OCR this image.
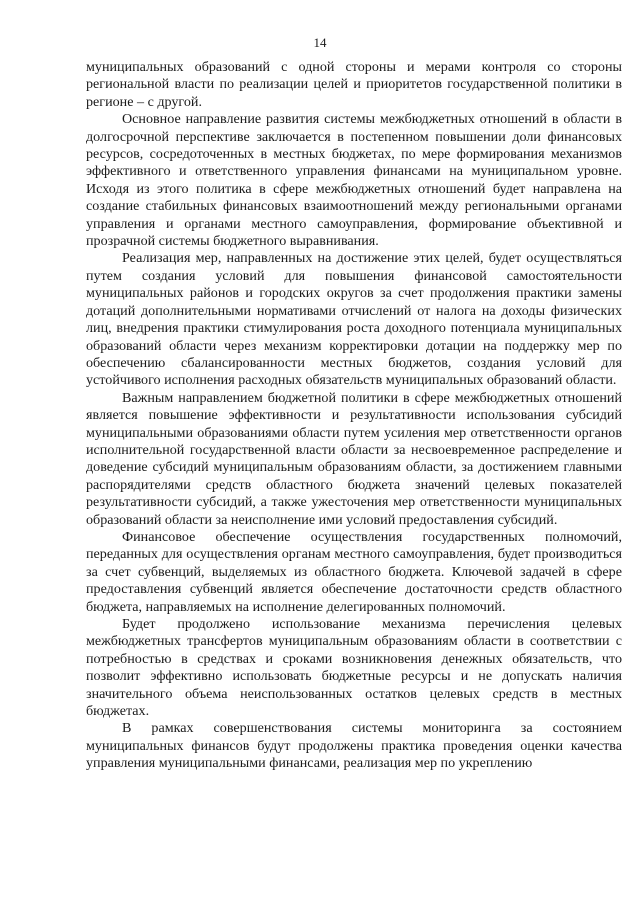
14

муниципальных образований с одной стороны и мерами контроля со стороны региональной власти по реализации целей и приоритетов государственной политики в регионе – с другой.

Основное направление развития системы межбюджетных отношений в области в долгосрочной перспективе заключается в постепенном повышении доли финансовых ресурсов, сосредоточенных в местных бюджетах, по мере формирования механизмов эффективного и ответственного управления финансами на муниципальном уровне. Исходя из этого политика в сфере межбюджетных отношений будет направлена на создание стабильных финансовых взаимоотношений между региональными органами управления и органами местного самоуправления, формирование объективной и прозрачной системы бюджетного выравнивания.

Реализация мер, направленных на достижение этих целей, будет осуществляться путем создания условий для повышения финансовой самостоятельности муниципальных районов и городских округов за счет продолжения практики замены дотаций дополнительными нормативами отчислений от налога на доходы физических лиц, внедрения практики стимулирования роста доходного потенциала муниципальных образований области через механизм корректировки дотации на поддержку мер по обеспечению сбалансированности местных бюджетов, создания условий для устойчивого исполнения расходных обязательств муниципальных образований области.

Важным направлением бюджетной политики в сфере межбюджетных отношений является повышение эффективности и результативности использования субсидий муниципальными образованиями области путем усиления мер ответственности органов исполнительной государственной власти области за несвоевременное распределение и доведение субсидий муниципальным образованиям области, за достижением главными распорядителями средств областного бюджета значений целевых показателей результативности субсидий, а также ужесточения мер ответственности муниципальных образований области за неисполнение ими условий предоставления субсидий.

Финансовое обеспечение осуществления государственных полномочий, переданных для осуществления органам местного самоуправления, будет производиться за счет субвенций, выделяемых из областного бюджета. Ключевой задачей в сфере предоставления субвенций является обеспечение достаточности средств областного бюджета, направляемых на исполнение делегированных полномочий.

Будет продолжено использование механизма перечисления целевых межбюджетных трансфертов муниципальным образованиям области в соответствии с потребностью в средствах и сроками возникновения денежных обязательств, что позволит эффективно использовать бюджетные ресурсы и не допускать наличия значительного объема неиспользованных остатков целевых средств в местных бюджетах.

В рамках совершенствования системы мониторинга за состоянием муниципальных финансов будут продолжены практика проведения оценки качества управления муниципальными финансами, реализация мер по укреплению
